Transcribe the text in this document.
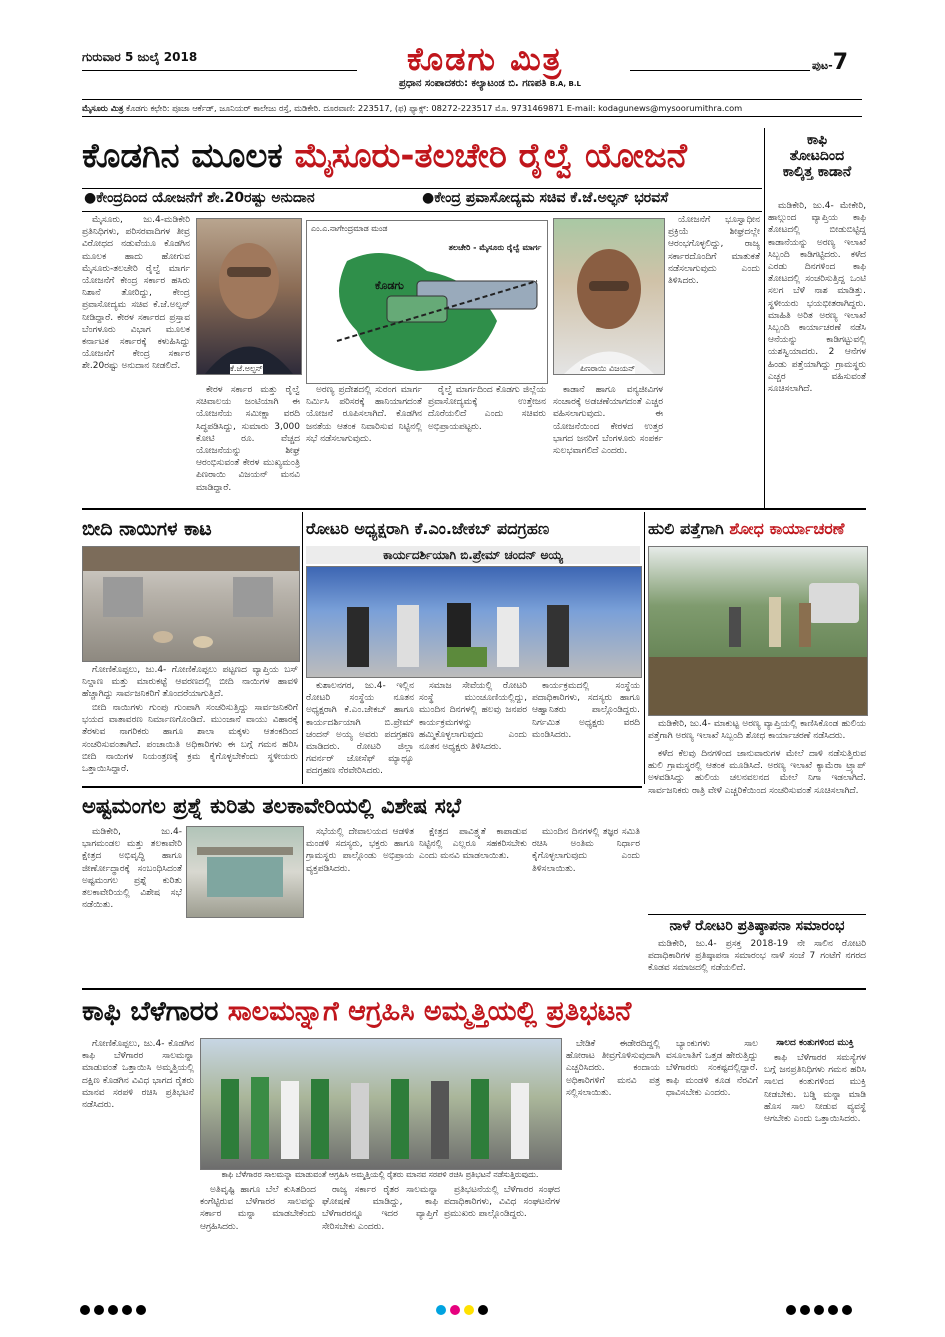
ಗುರುವಾರ 5 ಜುಲೈ 2018	ಕೊಡಗು ಮಿತ್ರ
ಪ್ರಧಾನ ಸಂಪಾದಕರು: ಕಲ್ಯಾಟಂಡ ಬಿ. ಗಣಪತಿ B.A, B.L
ಪುಟ-7
ಮೈಸೂರು ಮಿತ್ರ ಕೊಡಗು ಕಛೇರಿ: ಪೂಜಾ ಆರ್ಕೆಡ್, ಜೂನಿಯರ್ ಕಾಲೇಜು ರಸ್ತೆ, ಮಡಿಕೇರಿ. ದೂರವಾಣಿ: 223517, (ಫ) ಫ್ಯಾಕ್ಸ್: 08272-223517 ಮೊ. 9731469871 E-mail: kodagunews@mysoorumithra.com
ಕೊಡಗಿನ ಮೂಲಕ ಮೈಸೂರು-ತಲಚೇರಿ ರೈಲ್ವೆ ಯೋಜನೆ
●ಕೇಂದ್ರದಿಂದ ಯೋಜನೆಗೆ ಶೇ.20ರಷ್ಟು ಅನುದಾನ	●ಕೇಂದ್ರ ಪ್ರವಾಸೋದ್ಯಮ ಸಚಿವ ಕೆ.ಜೆ.ಅಲ್ಫನ್ ಭರವಸೆ

ಮೈಸೂರು, ಜು.4-ಮಡಿಕೇರಿ ಪ್ರತಿನಿಧಿಗಳು, ಪರಿಸರವಾದಿಗಳ ತೀವ್ರ ವಿರೋಧದ ನಡುವೆಯೂ ಕೊಡಗಿನ ಮೂಲಕ ಹಾದು ಹೋಗುವ ಮೈಸೂರು-ತಲಚೇರಿ ರೈಲ್ವೆ ಮಾರ್ಗ ಯೋಜನೆಗೆ ಕೇಂದ್ರ ಸರ್ಕಾರ ಹಸಿರು ನಿಶಾನೆ ತೋರಿದ್ದು, ಕೇಂದ್ರ ಪ್ರವಾಸೋದ್ಯಮ ಸಚಿವ ಕೆ.ಜೆ.ಅಲ್ಫನ್ ನೀಡಿದ್ದಾರೆ. ಕೇರಳ ಸರ್ಕಾರದ ಪ್ರಸ್ತಾವ ಬೆಂಗಳೂರು ವಿಭಾಗ ಮೂಲಕ ಕರ್ನಾಟಕ ಸರ್ಕಾರಕ್ಕೆ ಕಳುಹಿಸಿದ್ದು ಯೋಜನೆಗೆ ಕೇಂದ್ರ ಸರ್ಕಾರ ಶೇ.20ರಷ್ಟು ಅನುದಾನ ನೀಡಲಿದೆ.	ಕೆ.ಜೆ.ಅಲ್ಫನ್
ಎಂ.ಎ.ನಾಗೇಂದ್ರಮಾಡ ಮಂಡ
ತಲಚೇರಿ - ಮೈಸೂರು ರೈಲ್ವೆ ಮಾರ್ಗ
ಕೊಡಗು
ಪಿಣರಾಯಿ ವಿಜಯನ್

ಕೇರಳ ಸರ್ಕಾರ ಮತ್ತು ರೈಲ್ವೆ ಸಚಿವಾಲಯ ಜಂಟಿಯಾಗಿ ಈ ಯೋಜನೆಯ ಸಮೀಕ್ಷಾ ವರದಿ ಸಿದ್ಧಪಡಿಸಿದ್ದು, ಸುಮಾರು 3,000 ಕೋಟಿ ರೂ. ವೆಚ್ಚದ ಯೋಜನೆಯನ್ನು ಶೀಘ್ರ ಆರಂಭಿಸುವಂತೆ ಕೇರಳ ಮುಖ್ಯಮಂತ್ರಿ ಪಿಣರಾಯಿ ವಿಜಯನ್ ಮನವಿ ಮಾಡಿದ್ದಾರೆ.

ಅರಣ್ಯ ಪ್ರದೇಶದಲ್ಲಿ ಸುರಂಗ ಮಾರ್ಗ ನಿರ್ಮಿಸಿ ಪರಿಸರಕ್ಕೆ ಹಾನಿಯಾಗದಂತೆ ಯೋಜನೆ ರೂಪಿಸಲಾಗಿದೆ. ಕೊಡಗಿನ ಜನತೆಯ ಆತಂಕ ನಿವಾರಿಸುವ ನಿಟ್ಟಿನಲ್ಲಿ ಸಭೆ ನಡೆಸಲಾಗುವುದು.

ರೈಲ್ವೆ ಮಾರ್ಗದಿಂದ ಕೊಡಗು ಜಿಲ್ಲೆಯ ಪ್ರವಾಸೋದ್ಯಮಕ್ಕೆ ಉತ್ತೇಜನ ದೊರೆಯಲಿದೆ ಎಂದು ಸಚಿವರು ಅಭಿಪ್ರಾಯಪಟ್ಟರು.

ಕಾಡಾನೆ ಹಾಗೂ ವನ್ಯಜೀವಿಗಳ ಸಂಚಾರಕ್ಕೆ ಅಡಚಣೆಯಾಗದಂತೆ ಎಚ್ಚರ ವಹಿಸಲಾಗುವುದು. ಈ ಯೋಜನೆಯಿಂದ ಕೇರಳದ ಉತ್ತರ ಭಾಗದ ಜನರಿಗೆ ಬೆಂಗಳೂರು ಸಂಪರ್ಕ ಸುಲಭವಾಗಲಿದೆ ಎಂದರು.

ಯೋಜನೆಗೆ ಭೂಸ್ವಾಧೀನ ಪ್ರಕ್ರಿಯೆ ಶೀಘ್ರದಲ್ಲೇ ಆರಂಭಗೊಳ್ಳಲಿದ್ದು, ರಾಜ್ಯ ಸರ್ಕಾರದೊಂದಿಗೆ ಮಾತುಕತೆ ನಡೆಸಲಾಗುವುದು ಎಂದು ತಿಳಿಸಿದರು.

ಕಾಫಿ
ತೋಟದಿಂದ
ಕಾಲ್ಕಿತ್ತ ಕಾಡಾನೆ

ಮಡಿಕೇರಿ, ಜು.4- ಮೇಕೇರಿ, ಹಾಲ್ಗುಂದ ವ್ಯಾಪ್ತಿಯ ಕಾಫಿ ತೋಟದಲ್ಲಿ ಬೀಡುಬಿಟ್ಟಿದ್ದ ಕಾಡಾನೆಯನ್ನು ಅರಣ್ಯ ಇಲಾಖೆ ಸಿಬ್ಬಂದಿ ಕಾಡಿಗಟ್ಟಿದರು. ಕಳೆದ ಎರಡು ದಿನಗಳಿಂದ ಕಾಫಿ ತೋಟದಲ್ಲಿ ಸಂಚರಿಸುತ್ತಿದ್ದ ಒಂಟಿ ಸಲಗ ಬೆಳೆ ನಾಶ ಮಾಡಿತ್ತು. ಸ್ಥಳೀಯರು ಭಯಭೀತರಾಗಿದ್ದರು. ಮಾಹಿತಿ ಅರಿತ ಅರಣ್ಯ ಇಲಾಖೆ ಸಿಬ್ಬಂದಿ ಕಾರ್ಯಾಚರಣೆ ನಡೆಸಿ ಆನೆಯನ್ನು ಕಾಡಿಗಟ್ಟುವಲ್ಲಿ ಯಶಸ್ವಿಯಾದರು. 2 ಆನೆಗಳ ಹಿಂಡು ಪತ್ತೆಯಾಗಿದ್ದು ಗ್ರಾಮಸ್ಥರು ಎಚ್ಚರ ವಹಿಸುವಂತೆ ಸೂಚಿಸಲಾಗಿದೆ.

ಬೀದಿ ನಾಯಿಗಳ ಕಾಟ

ಗೋಣಿಕೊಪ್ಪಲು, ಜು.4- ಗೋಣಿಕೊಪ್ಪಲು ಪಟ್ಟಣದ ವ್ಯಾಪ್ತಿಯ ಬಸ್ ನಿಲ್ದಾಣ ಮತ್ತು ಮಾರುಕಟ್ಟೆ ಆವರಣದಲ್ಲಿ ಬೀದಿ ನಾಯಿಗಳ ಹಾವಳಿ ಹೆಚ್ಚಾಗಿದ್ದು ಸಾರ್ವಜನಿಕರಿಗೆ ತೊಂದರೆಯಾಗುತ್ತಿದೆ.

ಬೀದಿ ನಾಯಿಗಳು ಗುಂಪು ಗುಂಪಾಗಿ ಸಂಚರಿಸುತ್ತಿದ್ದು ಸಾರ್ವಜನಿಕರಿಗೆ ಭಯದ ವಾತಾವರಣ ನಿರ್ಮಾಣಗೊಂಡಿದೆ. ಮುಂಜಾನೆ ವಾಯು ವಿಹಾರಕ್ಕೆ ತೆರಳುವ ನಾಗರಿಕರು ಹಾಗೂ ಶಾಲಾ ಮಕ್ಕಳು ಆತಂಕದಿಂದ ಸಂಚರಿಸುವಂತಾಗಿದೆ. ಪಂಚಾಯಿತಿ ಅಧಿಕಾರಿಗಳು ಈ ಬಗ್ಗೆ ಗಮನ ಹರಿಸಿ ಬೀದಿ ನಾಯಿಗಳ ನಿಯಂತ್ರಣಕ್ಕೆ ಕ್ರಮ ಕೈಗೊಳ್ಳಬೇಕೆಂದು ಸ್ಥಳೀಯರು ಒತ್ತಾಯಿಸಿದ್ದಾರೆ.

ರೋಟರಿ ಅಧ್ಯಕ್ಷರಾಗಿ ಕೆ.ಎಂ.ಜೇಕಬ್ ಪದಗ್ರಹಣ
ಕಾರ್ಯದರ್ಶಿಯಾಗಿ ಬಿ.ಪ್ರೇಮ್ ಚಂದನ್ ಅಯ್ಯ

ಕುಶಾಲನಗರ, ಜು.4- ಇಲ್ಲಿನ ರೋಟರಿ ಸಂಸ್ಥೆಯ ನೂತನ ಅಧ್ಯಕ್ಷರಾಗಿ ಕೆ.ಎಂ.ಜೇಕಬ್ ಹಾಗೂ ಕಾರ್ಯದರ್ಶಿಯಾಗಿ ಬಿ.ಪ್ರೇಮ್ ಚಂದನ್ ಅಯ್ಯ ಅವರು ಪದಗ್ರಹಣ ಮಾಡಿದರು. ರೋಟರಿ ಜಿಲ್ಲಾ ಗವರ್ನರ್ ಜೋಸೆಫ್ ಮ್ಯಾಥ್ಯೂ ಪದಗ್ರಹಣ ನೆರವೇರಿಸಿದರು.

ಸಮಾಜ ಸೇವೆಯಲ್ಲಿ ರೋಟರಿ ಸಂಸ್ಥೆ ಮುಂಚೂಣಿಯಲ್ಲಿದ್ದು, ಮುಂದಿನ ದಿನಗಳಲ್ಲಿ ಹಲವು ಜನಪರ ಕಾರ್ಯಕ್ರಮಗಳನ್ನು ಹಮ್ಮಿಕೊಳ್ಳಲಾಗುವುದು ಎಂದು ನೂತನ ಅಧ್ಯಕ್ಷರು ತಿಳಿಸಿದರು.

ಕಾರ್ಯಕ್ರಮದಲ್ಲಿ ಸಂಸ್ಥೆಯ ಪದಾಧಿಕಾರಿಗಳು, ಸದಸ್ಯರು ಹಾಗೂ ಆಹ್ವಾನಿತರು ಪಾಲ್ಗೊಂಡಿದ್ದರು. ನಿರ್ಗಮಿತ ಅಧ್ಯಕ್ಷರು ವರದಿ ಮಂಡಿಸಿದರು.

ಹುಲಿ ಪತ್ತೆಗಾಗಿ ಶೋಧ ಕಾರ್ಯಾಚರಣೆ
ಅಷ್ಟಮಂಗಲ ಪ್ರಶ್ನೆ ಕುರಿತು ತಲಕಾವೇರಿಯಲ್ಲಿ ವಿಶೇಷ ಸಭೆ

ಮಡಿಕೇರಿ, ಜು.4- ಭಾಗಮಂಡಲ ಮತ್ತು ತಲಕಾವೇರಿ ಕ್ಷೇತ್ರದ ಅಭಿವೃದ್ಧಿ ಹಾಗೂ ಜೀರ್ಣೋದ್ಧಾರಕ್ಕೆ ಸಂಬಂಧಿಸಿದಂತೆ ಅಷ್ಟಮಂಗಲ ಪ್ರಶ್ನೆ ಕುರಿತು ತಲಕಾವೇರಿಯಲ್ಲಿ ವಿಶೇಷ ಸಭೆ ನಡೆಯಿತು.

ಸಭೆಯಲ್ಲಿ ದೇವಾಲಯದ ಆಡಳಿತ ಮಂಡಳಿ ಸದಸ್ಯರು, ಭಕ್ತರು ಹಾಗೂ ಗ್ರಾಮಸ್ಥರು ಪಾಲ್ಗೊಂಡು ಅಭಿಪ್ರಾಯ ವ್ಯಕ್ತಪಡಿಸಿದರು.

ಕ್ಷೇತ್ರದ ಪಾವಿತ್ರ್ಯತೆ ಕಾಪಾಡುವ ನಿಟ್ಟಿನಲ್ಲಿ ಎಲ್ಲರೂ ಸಹಕರಿಸಬೇಕು ಎಂದು ಮನವಿ ಮಾಡಲಾಯಿತು.

ಮುಂದಿನ ದಿನಗಳಲ್ಲಿ ತಜ್ಞರ ಸಮಿತಿ ರಚಿಸಿ ಅಂತಿಮ ನಿರ್ಧಾರ ಕೈಗೊಳ್ಳಲಾಗುವುದು ಎಂದು ತಿಳಿಸಲಾಯಿತು.

ಮಡಿಕೇರಿ, ಜು.4- ಮಾಕುಟ್ಟ ಅರಣ್ಯ ವ್ಯಾಪ್ತಿಯಲ್ಲಿ ಕಾಣಿಸಿಕೊಂಡ ಹುಲಿಯ ಪತ್ತೆಗಾಗಿ ಅರಣ್ಯ ಇಲಾಖೆ ಸಿಬ್ಬಂದಿ ಶೋಧ ಕಾರ್ಯಾಚರಣೆ ನಡೆಸಿದರು.

ಕಳೆದ ಕೆಲವು ದಿನಗಳಿಂದ ಜಾನುವಾರುಗಳ ಮೇಲೆ ದಾಳಿ ನಡೆಸುತ್ತಿರುವ ಹುಲಿ ಗ್ರಾಮಸ್ಥರಲ್ಲಿ ಆತಂಕ ಮೂಡಿಸಿದೆ. ಅರಣ್ಯ ಇಲಾಖೆ ಕ್ಯಾಮೆರಾ ಟ್ರ್ಯಾಪ್ ಅಳವಡಿಸಿದ್ದು ಹುಲಿಯ ಚಲನವಲನದ ಮೇಲೆ ನಿಗಾ ಇಡಲಾಗಿದೆ. ಸಾರ್ವಜನಿಕರು ರಾತ್ರಿ ವೇಳೆ ಎಚ್ಚರಿಕೆಯಿಂದ ಸಂಚರಿಸುವಂತೆ ಸೂಚಿಸಲಾಗಿದೆ.

ನಾಳೆ ರೋಟರಿ ಪ್ರತಿಷ್ಠಾಪನಾ ಸಮಾರಂಭ

ಮಡಿಕೇರಿ, ಜು.4- ಪ್ರಸಕ್ತ 2018-19 ನೇ ಸಾಲಿನ ರೋಟರಿ ಪದಾಧಿಕಾರಿಗಳ ಪ್ರತಿಷ್ಠಾಪನಾ ಸಮಾರಂಭ ನಾಳೆ ಸಂಜೆ 7 ಗಂಟೆಗೆ ನಗರದ ಕೊಡವ ಸಮಾಜದಲ್ಲಿ ನಡೆಯಲಿದೆ.

ಕಾಫಿ ಬೆಳೆಗಾರರ ಸಾಲಮನ್ನಾಗೆ ಆಗ್ರಹಿಸಿ ಅಮ್ಮತ್ತಿಯಲ್ಲಿ ಪ್ರತಿಭಟನೆ

ಗೋಣಿಕೊಪ್ಪಲು, ಜು.4- ಕೊಡಗಿನ ಕಾಫಿ ಬೆಳೆಗಾರರ ಸಾಲಮನ್ನಾ ಮಾಡುವಂತೆ ಒತ್ತಾಯಿಸಿ ಅಮ್ಮತ್ತಿಯಲ್ಲಿ ದಕ್ಷಿಣ ಕೊಡಗಿನ ವಿವಿಧ ಭಾಗದ ರೈತರು ಮಾನವ ಸರಪಳಿ ರಚಿಸಿ ಪ್ರತಿಭಟನೆ ನಡೆಸಿದರು.

ಕಾಫಿ ಬೆಳೆಗಾರರ ಸಾಲಮನ್ನಾ ಮಾಡುವಂತೆ ಆಗ್ರಹಿಸಿ ಅಮ್ಮತ್ತಿಯಲ್ಲಿ ರೈತರು ಮಾನವ ಸರಪಳಿ ರಚಿಸಿ ಪ್ರತಿಭಟನೆ ನಡೆಸುತ್ತಿರುವುದು.

ಅತಿವೃಷ್ಟಿ ಹಾಗೂ ಬೆಲೆ ಕುಸಿತದಿಂದ ಕಂಗೆಟ್ಟಿರುವ ಬೆಳೆಗಾರರ ಸಾಲವನ್ನು ಸರ್ಕಾರ ಮನ್ನಾ ಮಾಡಬೇಕೆಂದು ಆಗ್ರಹಿಸಿದರು.

ರಾಜ್ಯ ಸರ್ಕಾರ ರೈತರ ಸಾಲಮನ್ನಾ ಘೋಷಣೆ ಮಾಡಿದ್ದು, ಕಾಫಿ ಬೆಳೆಗಾರರನ್ನೂ ಇದರ ವ್ಯಾಪ್ತಿಗೆ ಸೇರಿಸಬೇಕು ಎಂದರು.

ಪ್ರತಿಭಟನೆಯಲ್ಲಿ ಬೆಳೆಗಾರರ ಸಂಘದ ಪದಾಧಿಕಾರಿಗಳು, ವಿವಿಧ ಸಂಘಟನೆಗಳ ಪ್ರಮುಖರು ಪಾಲ್ಗೊಂಡಿದ್ದರು.

ಬೇಡಿಕೆ ಈಡೇರದಿದ್ದಲ್ಲಿ ಹೋರಾಟ ತೀವ್ರಗೊಳಿಸುವುದಾಗಿ ಎಚ್ಚರಿಸಿದರು. ಕಂದಾಯ ಅಧಿಕಾರಿಗಳಿಗೆ ಮನವಿ ಪತ್ರ ಸಲ್ಲಿಸಲಾಯಿತು.

ಬ್ಯಾಂಕುಗಳು ಸಾಲ ವಸೂಲಾತಿಗೆ ಒತ್ತಡ ಹೇರುತ್ತಿದ್ದು ಬೆಳೆಗಾರರು ಸಂಕಷ್ಟದಲ್ಲಿದ್ದಾರೆ. ಕಾಫಿ ಮಂಡಳಿ ಕೂಡ ನೆರವಿಗೆ ಧಾವಿಸಬೇಕು ಎಂದರು.

ಸಾಲದ ಕಂತುಗಳಿಂದ ಮುಕ್ತಿ

ಕಾಫಿ ಬೆಳೆಗಾರರ ಸಮಸ್ಯೆಗಳ ಬಗ್ಗೆ ಜನಪ್ರತಿನಿಧಿಗಳು ಗಮನ ಹರಿಸಿ ಸಾಲದ ಕಂತುಗಳಿಂದ ಮುಕ್ತಿ ನೀಡಬೇಕು. ಬಡ್ಡಿ ಮನ್ನಾ ಮಾಡಿ ಹೊಸ ಸಾಲ ನೀಡುವ ವ್ಯವಸ್ಥೆ ಆಗಬೇಕು ಎಂದು ಒತ್ತಾಯಿಸಿದರು.
